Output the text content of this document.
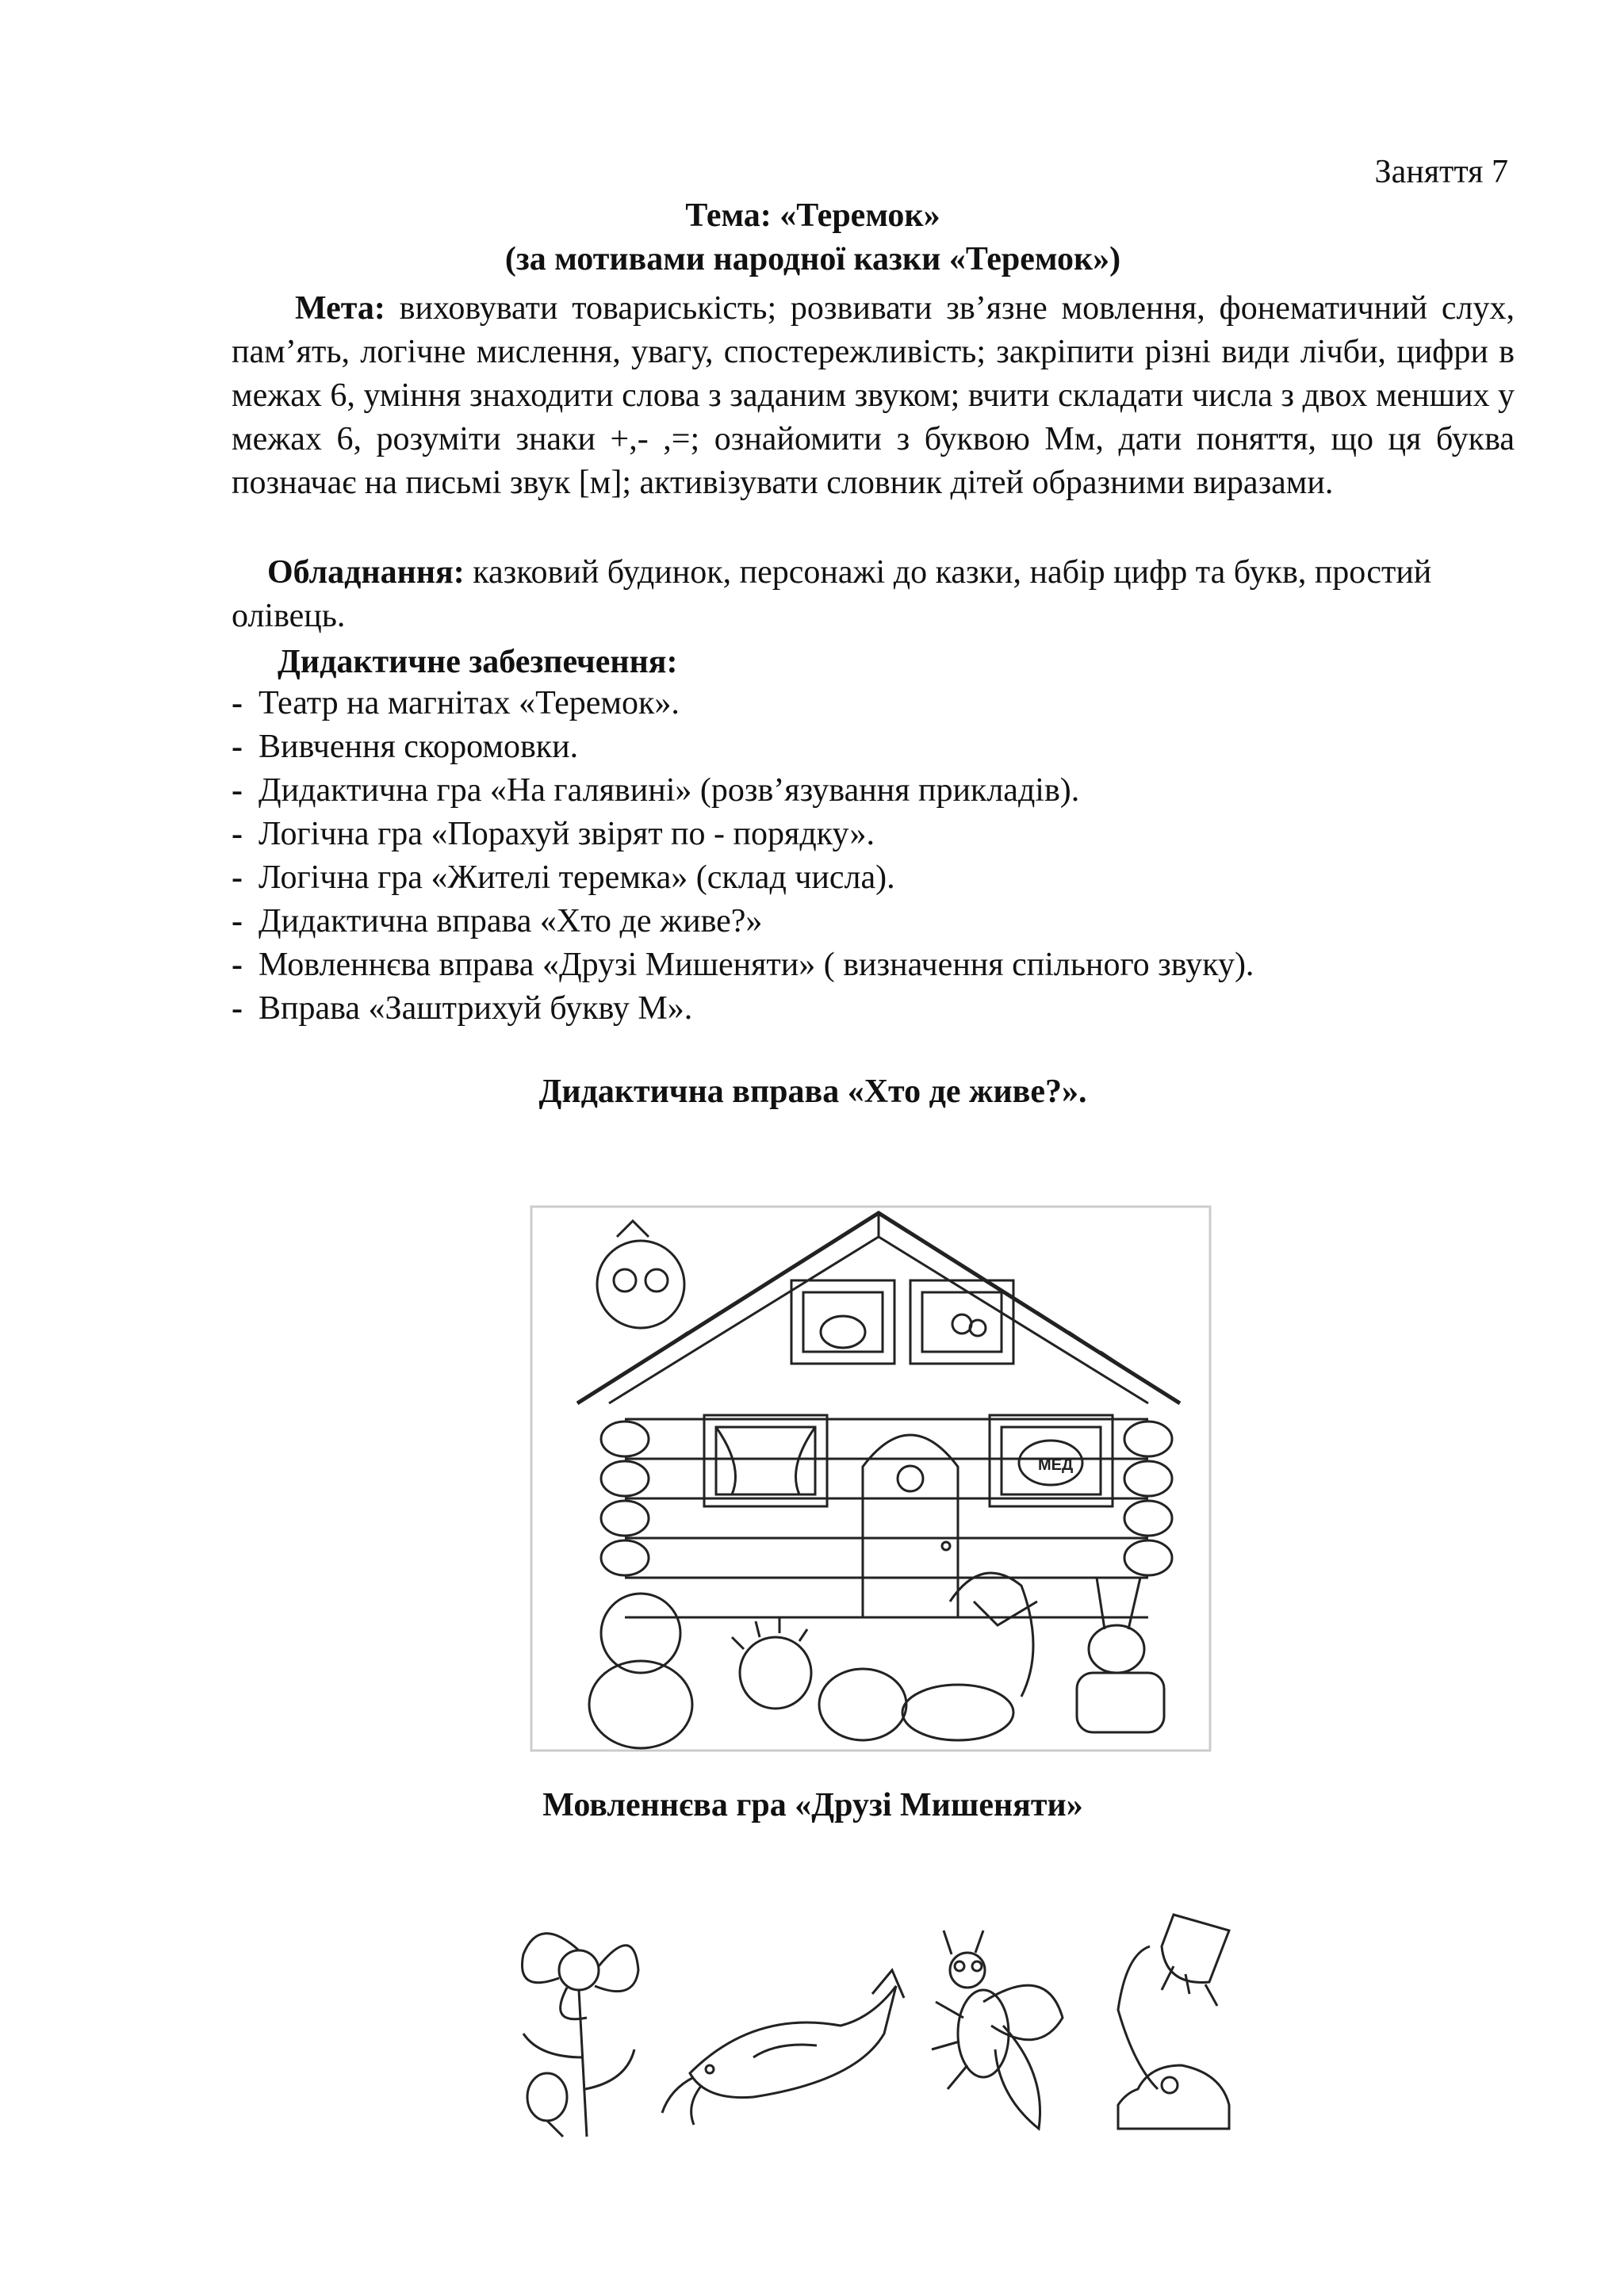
Заняття 7
Тема: «Теремок»
(за мотивами народної казки «Теремок»)
Мета: виховувати товариськість; розвивати зв’язне мовлення, фонематичний слух, пам’ять, логічне мислення, увагу, спостережливість; закріпити різні види лічби, цифри в межах 6, уміння знаходити слова з заданим звуком; вчити складати числа з двох менших у межах 6, розуміти знаки +,- ,=; ознайомити з буквою Мм, дати поняття, що ця буква позначає на письмі звук [м]; активізувати словник дітей образними виразами.
Обладнання: казковий будинок, персонажі до казки, набір цифр та букв, простий олівець.
Дидактичне забезпечення:
- Театр на магнітах «Теремок».
- Вивчення скоромовки.
- Дидактична гра «На галявині» (розв’язування прикладів).
- Логічна гра «Порахуй звірят по - порядку».
- Логічна гра «Жителі теремка» (склад числа).
- Дидактична вправа «Хто де живе?»
- Мовленнєва вправа «Друзі Мишеняти» ( визначення спільного звуку).
- Вправа «Заштрихуй букву М».
Дидактична вправа «Хто де живе?».
МЕД
Мовленнєва гра «Друзі Мишеняти»
